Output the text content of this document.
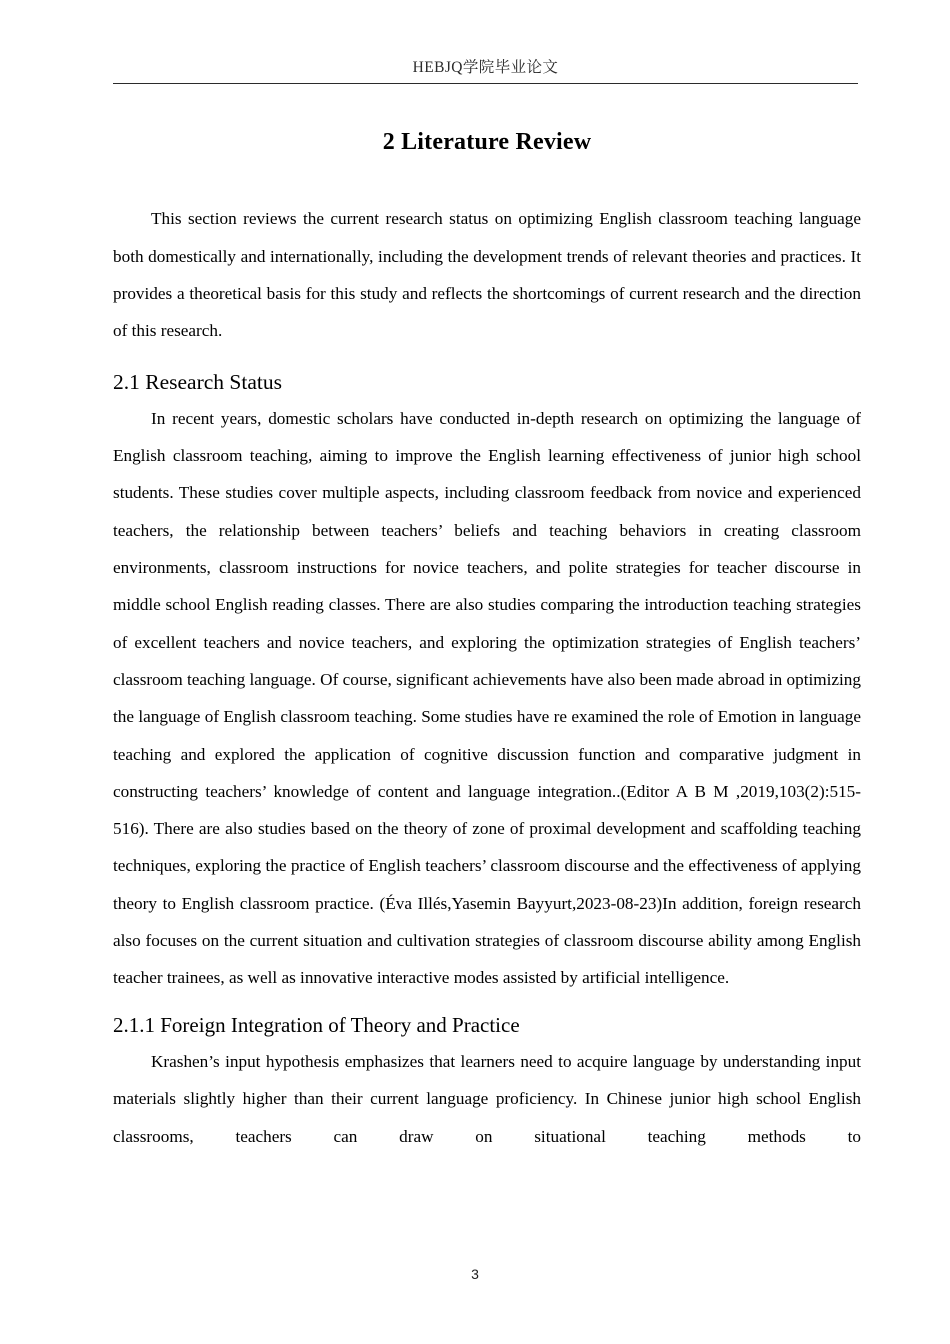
HEBJQ学院毕业论文
2 Literature Review

This section reviews the current research status on optimizing English classroom teaching language both domestically and internationally, including the development trends of relevant theories and practices. It provides a theoretical basis for this study and reflects the shortcomings of current research and the direction of this research.

2.1 Research Status

In recent years, domestic scholars have conducted in-depth research on optimizing the language of English classroom teaching, aiming to improve the English learning effectiveness of junior high school students. These studies cover multiple aspects, including classroom feedback from novice and experienced teachers, the relationship between teachers’ beliefs and teaching behaviors in creating classroom environments, classroom instructions for novice teachers, and polite strategies for teacher discourse in middle school English reading classes. There are also studies comparing the introduction teaching strategies of excellent teachers and novice teachers, and exploring the optimization strategies of English teachers’ classroom teaching language. Of course, significant achievements have also been made abroad in optimizing the language of English classroom teaching. Some studies have re examined the role of Emotion in language teaching and explored the application of cognitive discussion function and comparative judgment in constructing teachers’ knowledge of content and language integration..(Editor A B M ,2019,103(2):515-516). There are also studies based on the theory of zone of proximal development and scaffolding teaching techniques, exploring the practice of English teachers’ classroom discourse and the effectiveness of applying theory to English classroom practice. (Éva Illés,Yasemin Bayyurt,2023-08-23)In addition, foreign research also focuses on the current situation and cultivation strategies of classroom discourse ability among English teacher trainees, as well as innovative interactive modes assisted by artificial intelligence.

2.1.1 Foreign Integration of Theory and Practice

Krashen’s input hypothesis emphasizes that learners need to acquire language by understanding input materials slightly higher than their current language proficiency. In Chinese junior high school English classrooms, teachers can draw on situational teaching methods to

3
